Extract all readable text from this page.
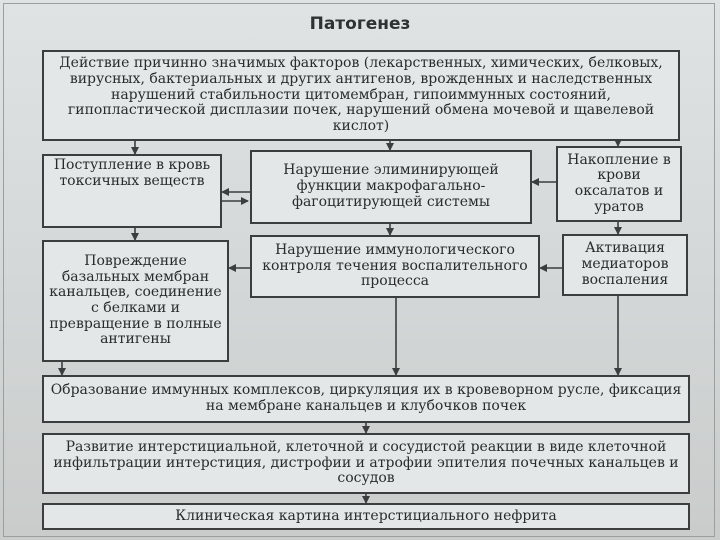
Патогенез
Действие причинно значимых факторов (лекарственных, химических, белковых, вирусных, бактериальных и других антигенов, врожденных и наследственных нарушений стабильности цитомембран, гипоиммунных состояний, гипопластической дисплазии почек, нарушений обмена мочевой и щавелевой кислот)
Поступление в кровь токсичных веществ
Нарушение элиминирующей функции макрофагально-фагоцитирующей системы
Накопление в крови оксалатов и уратов
Повреждение базальных мембран канальцев, соединение с белками и превращение в полные антигены
Нарушение иммунологического контроля течения воспалительного процесса
Активация медиаторов воспаления
Образование иммунных комплексов, циркуляция их в кровеворном русле, фиксация на мембране канальцев и клубочков почек
Развитие интерстициальной, клеточной и сосудистой реакции в виде клеточной инфильтрации интерстиция, дистрофии и атрофии эпителия почечных канальцев и сосудов
Клиническая картина интерстициального нефрита
